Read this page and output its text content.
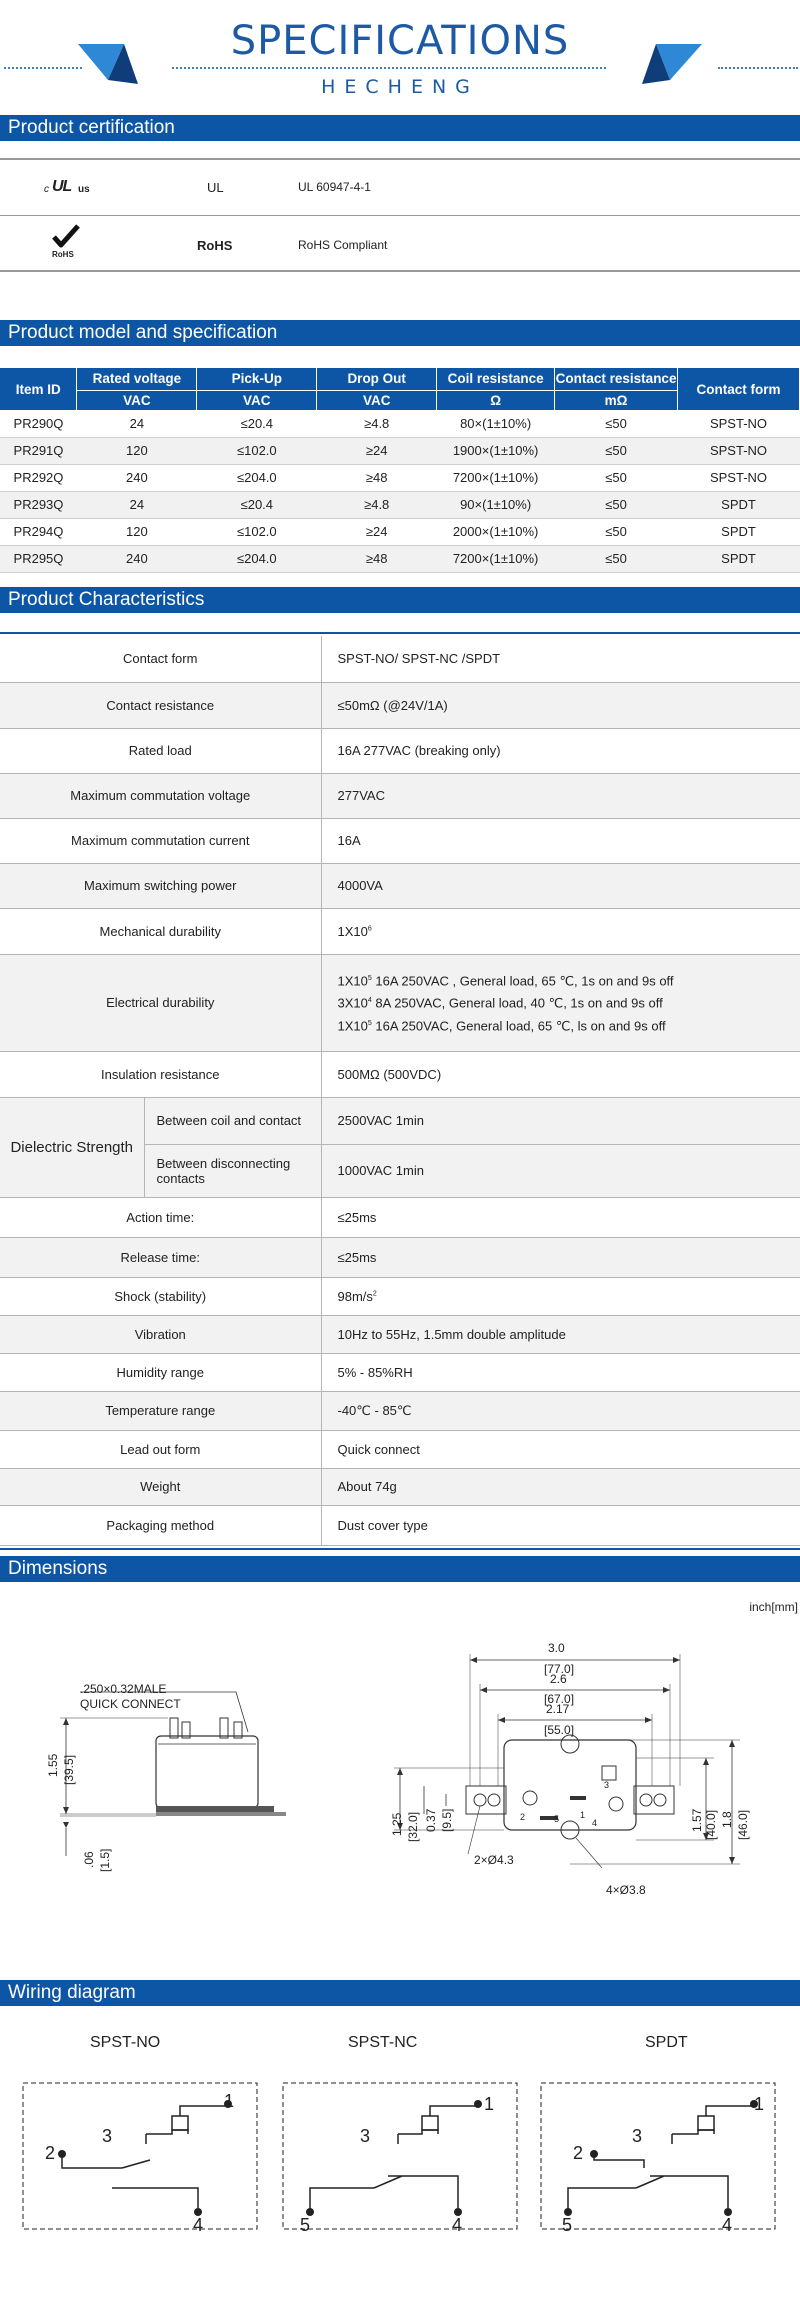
SPECIFICATIONS
HECHENG
Product certification
c UL us	UL	UL 60947-4-1
RoHS
RoHS	RoHS Compliant
Product model and specification
Item ID	Rated voltage	Pick-Up	Drop Out	Coil resistance	Contact resistance	Contact form
	VAC	VAC	VAC	Ω	mΩ	
PR290Q	24	≤20.4	≥4.8	80×(1±10%)	≤50	SPST-NO
PR291Q	120	≤102.0	≥24	1900×(1±10%)	≤50	SPST-NO
PR292Q	240	≤204.0	≥48	7200×(1±10%)	≤50	SPST-NO
PR293Q	24	≤20.4	≥4.8	90×(1±10%)	≤50	SPDT
PR294Q	120	≤102.0	≥24	2000×(1±10%)	≤50	SPDT
PR295Q	240	≤204.0	≥48	7200×(1±10%)	≤50	SPDT
Product Characteristics
Contact form		SPST-NO/ SPST-NC /SPDT
Contact resistance		≤50mΩ (@24V/1A)
Rated load		16A 277VAC (breaking only)
Maximum commutation voltage		277VAC
Maximum commutation current		16A
Maximum switching power		4000VA
Mechanical durability		$1X10^6$
Electrical durability		$1X10^5$ 16A 250VAC , General load, 65 ℃, 1s on and 9s off
$3X10^4$ 8A 250VAC, General load, 40 ℃, 1s on and 9s off
$1X10^5$ 16A 250VAC, General load, 65 ℃, ls on and 9s off

Insulation resistance		500MΩ (500VDC)
Dielectric Strength	Between coil and contact	2500VAC 1min
	Between disconnecting contacts	1000VAC 1min
Action time:		≤25ms
Release time:		≤25ms
Shock (stability)		$98m/s^2$
Vibration		10Hz to 55Hz, 1.5mm double amplitude
Humidity range		5% - 85%RH
Temperature range		-40℃ - 85℃
Lead out form		Quick connect
Weight		About 74g
Packaging method		Dust cover type
Dimensions
inch[mm]
.250×0.32MALE
QUICK CONNECT
1.55 [39.5]
.06 [1.5]
3.0
[77.0]
2.6
[67.0]
2.17
[55.0]
1.25 [32.0] 0.37 [9.5]	1.57 [40.0] 1.8 [46.0]
2×Ø4.3
4×Ø3.8
1
2
3
4
5
Wiring diagram
SPST-NO	SPST-NC	SPDT
1
2
3
4
1
3
5	4
1
2
3
5	4
